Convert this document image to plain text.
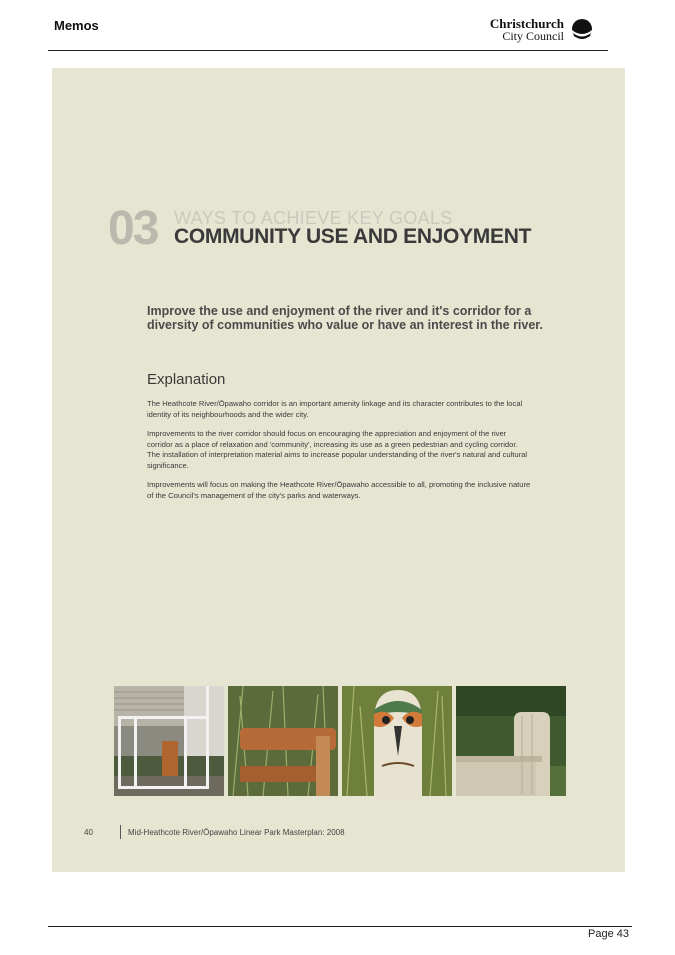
Memos	Christchurch
City Council
03 WAYS TO ACHIEVE KEY GOALS
COMMUNITY USE AND ENJOYMENT
Improve the use and enjoyment of the river and it's corridor for a diversity of communities who value or have an interest in the river.
Explanation

The Heathcote River/Ōpawaho corridor is an important amenity linkage and its character contributes to the local identity of its neighbourhoods and the wider city.

Improvements to the river corridor should focus on encouraging the appreciation and enjoyment of the river corridor as a place of relaxation and 'community', increasing its use as a green pedestrian and cycling corridor. The installation of interpretation material aims to increase popular understanding of the river's natural and cultural significance.

Improvements will focus on making the Heathcote River/Ōpawaho accessible to all, promoting the inclusive nature of the Council's management of the city's parks and waterways.

40	Mid-Heathcote River/Ōpawaho Linear Park Masterplan: 2008
Page 43
